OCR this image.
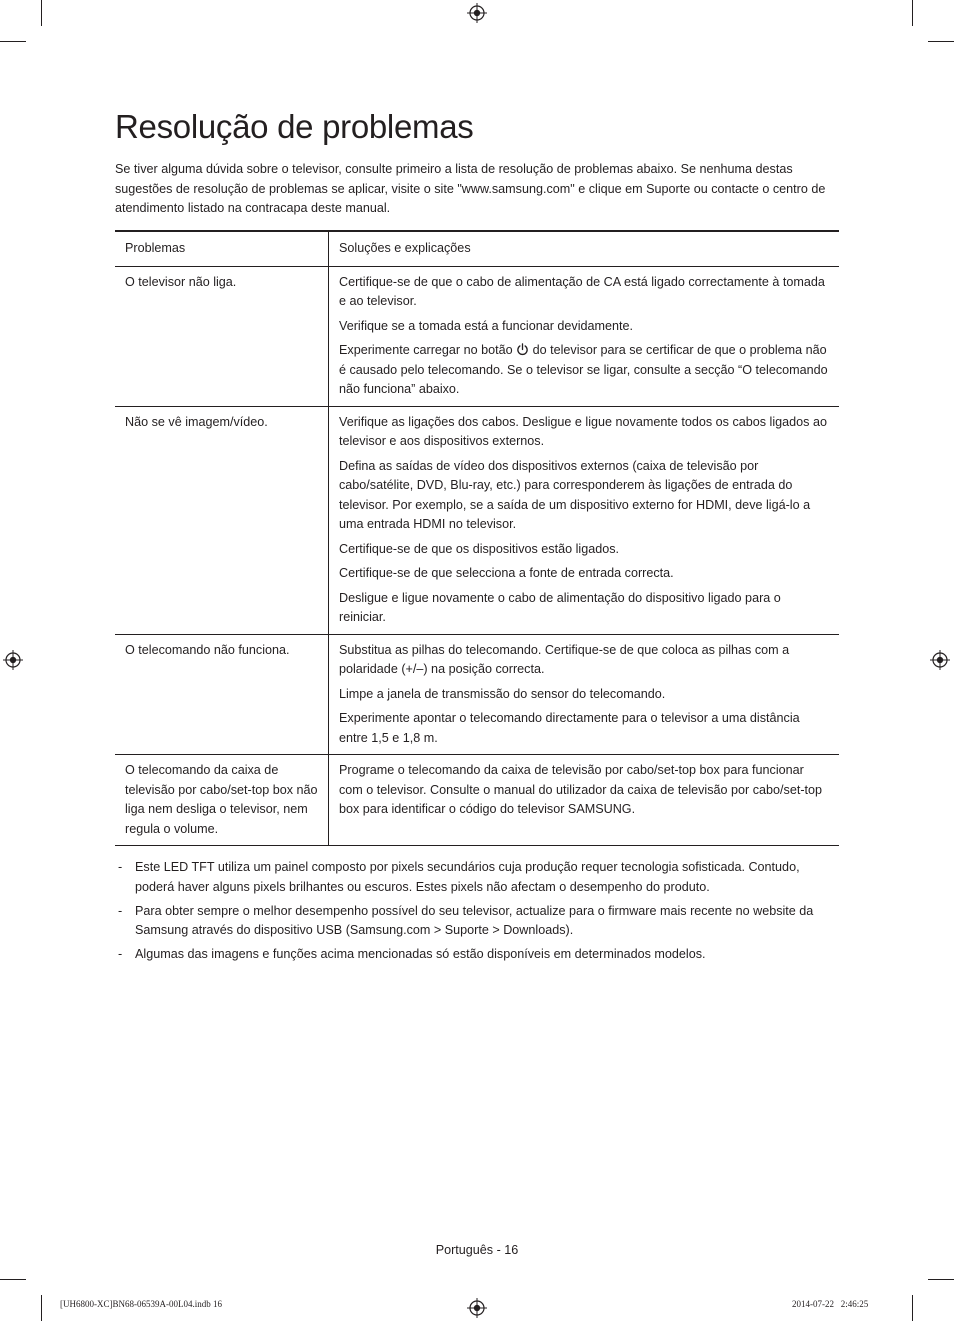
Resolução de problemas

Se tiver alguma dúvida sobre o televisor, consulte primeiro a lista de resolução de problemas abaixo. Se nenhuma destas sugestões de resolução de problemas se aplicar, visite o site "www.samsung.com" e clique em Suporte ou contacte o centro de atendimento listado na contracapa deste manual.

Problemas	Soluções e explicações
O televisor não liga.	Certifique-se de que o cabo de alimentação de CA está ligado correctamente à tomada e ao televisor.

Verifique se a tomada está a funcionar devidamente.

Experimente carregar no botão do televisor para se certificar de que o problema não é causado pelo telecomando. Se o televisor se ligar, consulte a secção “O telecomando não funciona” abaixo.

Não se vê imagem/vídeo.	Verifique as ligações dos cabos. Desligue e ligue novamente todos os cabos ligados ao televisor e aos dispositivos externos.

Defina as saídas de vídeo dos dispositivos externos (caixa de televisão por cabo/satélite, DVD, Blu-ray, etc.) para corresponderem às ligações de entrada do televisor. Por exemplo, se a saída de um dispositivo externo for HDMI, deve ligá-lo a uma entrada HDMI no televisor.

Certifique-se de que os dispositivos estão ligados.

Certifique-se de que selecciona a fonte de entrada correcta.

Desligue e ligue novamente o cabo de alimentação do dispositivo ligado para o reiniciar.

O telecomando não funciona.	Substitua as pilhas do telecomando. Certifique-se de que coloca as pilhas com a polaridade (+/–) na posição correcta.

Limpe a janela de transmissão do sensor do telecomando.

Experimente apontar o telecomando directamente para o televisor a uma distância entre 1,5 e 1,8 m.

O telecomando da caixa de televisão por cabo/set-top box não liga nem desliga o televisor, nem regula o volume.	Programe o telecomando da caixa de televisão por cabo/set-top box para funcionar com o televisor. Consulte o manual do utilizador da caixa de televisão por cabo/set-top box para identificar o código do televisor SAMSUNG.

- Este LED TFT utiliza um painel composto por pixels secundários cuja produção requer tecnologia sofisticada. Contudo, poderá haver alguns pixels brilhantes ou escuros. Estes pixels não afectam o desempenho do produto.
- Para obter sempre o melhor desempenho possível do seu televisor, actualize para o firmware mais recente no website da Samsung através do dispositivo USB (Samsung.com > Suporte > Downloads).
- Algumas das imagens e funções acima mencionadas só estão disponíveis em determinados modelos.
Português - 16
[UH6800-XC]BN68-06539A-00L04.indb 16	2014-07-22   2:46:25
